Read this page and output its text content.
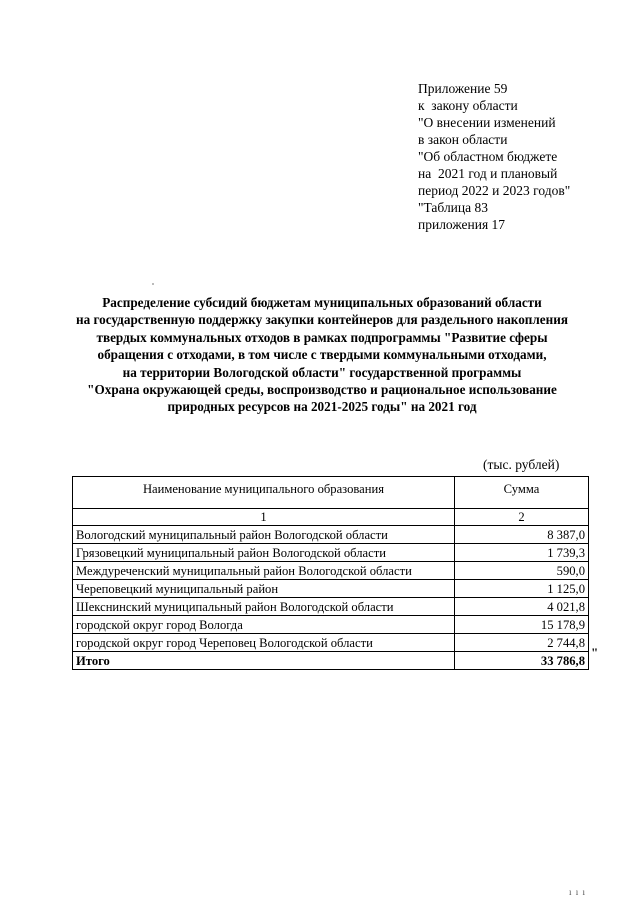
Приложение 59
к  закону области
"О внесении изменений
в закон области
"Об областном бюджете
на  2021 год и плановый
период 2022 и 2023 годов"
"Таблица 83
приложения 17
Распределение субсидий бюджетам муниципальных образований области
на государственную поддержку закупки контейнеров для раздельного накопления
твердых коммунальных отходов в рамках подпрограммы "Развитие сферы
обращения с отходами, в том числе с твердыми коммунальными отходами,
на территории Вологодской области" государственной программы
"Охрана окружающей среды, воспроизводство и рациональное использование
природных ресурсов на 2021-2025 годы" на 2021 год
(тыс. рублей)
Наименование муниципального образования	Сумма
1	2
Вологодский муниципальный район Вологодской области	8 387,0
Грязовецкий муниципальный район Вологодской области	1 739,3
Междуреченский муниципальный район Вологодской области	590,0
Череповецкий муниципальный район	1 125,0
Шекснинский муниципальный район Вологодской области	4 021,8
городской округ город Вологда	15 178,9
городской округ город Череповец Вологодской области	2 744,8
Итого	33 786,8
"
ı ı ı
